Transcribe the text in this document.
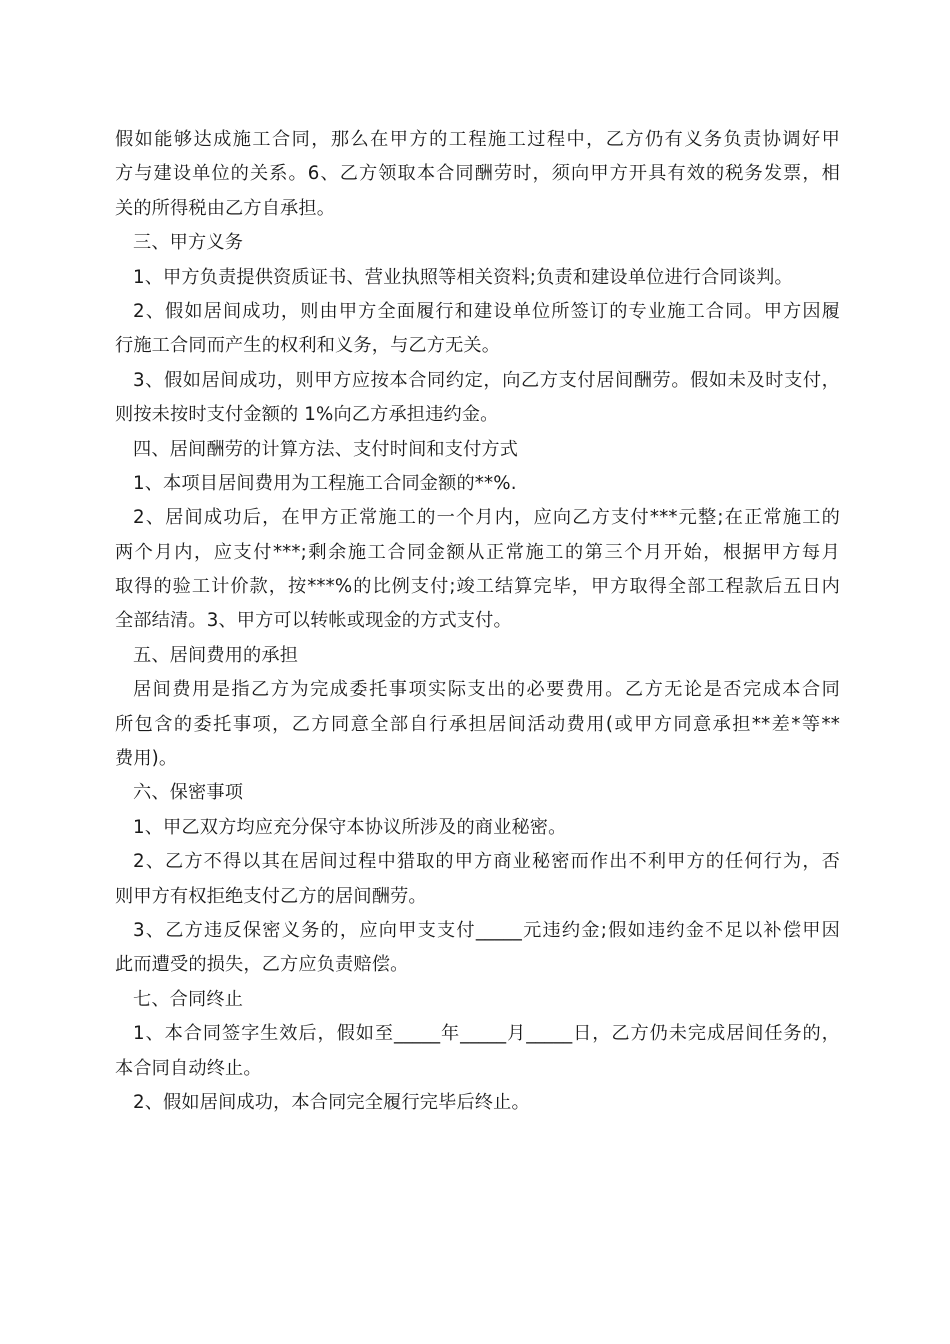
假如能够达成施工合同，那么在甲方的工程施工过程中，乙方仍有义务负责协调好甲
方与建设单位的关系。6、乙方领取本合同酬劳时，须向甲方开具有效的税务发票，相
关的所得税由乙方自承担。
三、甲方义务
1、甲方负责提供资质证书、营业执照等相关资料;负责和建设单位进行合同谈判。
2、假如居间成功，则由甲方全面履行和建设单位所签订的专业施工合同。甲方因履
行施工合同而产生的权利和义务，与乙方无关。
3、假如居间成功，则甲方应按本合同约定，向乙方支付居间酬劳。假如未及时支付，
则按未按时支付金额的 1%向乙方承担违约金。
四、居间酬劳的计算方法、支付时间和支付方式
1、本项目居间费用为工程施工合同金额的**%.
2、居间成功后，在甲方正常施工的一个月内，应向乙方支付***元整;在正常施工的
两个月内，应支付***;剩余施工合同金额从正常施工的第三个月开始，根据甲方每月
取得的验工计价款，按***%的比例支付;竣工结算完毕，甲方取得全部工程款后五日内
全部结清。3、甲方可以转帐或现金的方式支付。
五、居间费用的承担
居间费用是指乙方为完成委托事项实际支出的必要费用。乙方无论是否完成本合同
所包含的委托事项，乙方同意全部自行承担居间活动费用(或甲方同意承担**差*等**
费用)。
六、保密事项
1、甲乙双方均应充分保守本协议所涉及的商业秘密。
2、乙方不得以其在居间过程中猎取的甲方商业秘密而作出不利甲方的任何行为，否
则甲方有权拒绝支付乙方的居间酬劳。
3、乙方违反保密义务的，应向甲支支付_____元违约金;假如违约金不足以补偿甲因
此而遭受的损失，乙方应负责赔偿。
七、合同终止
1、本合同签字生效后，假如至_____年_____月_____日，乙方仍未完成居间任务的，
本合同自动终止。
2、假如居间成功，本合同完全履行完毕后终止。
